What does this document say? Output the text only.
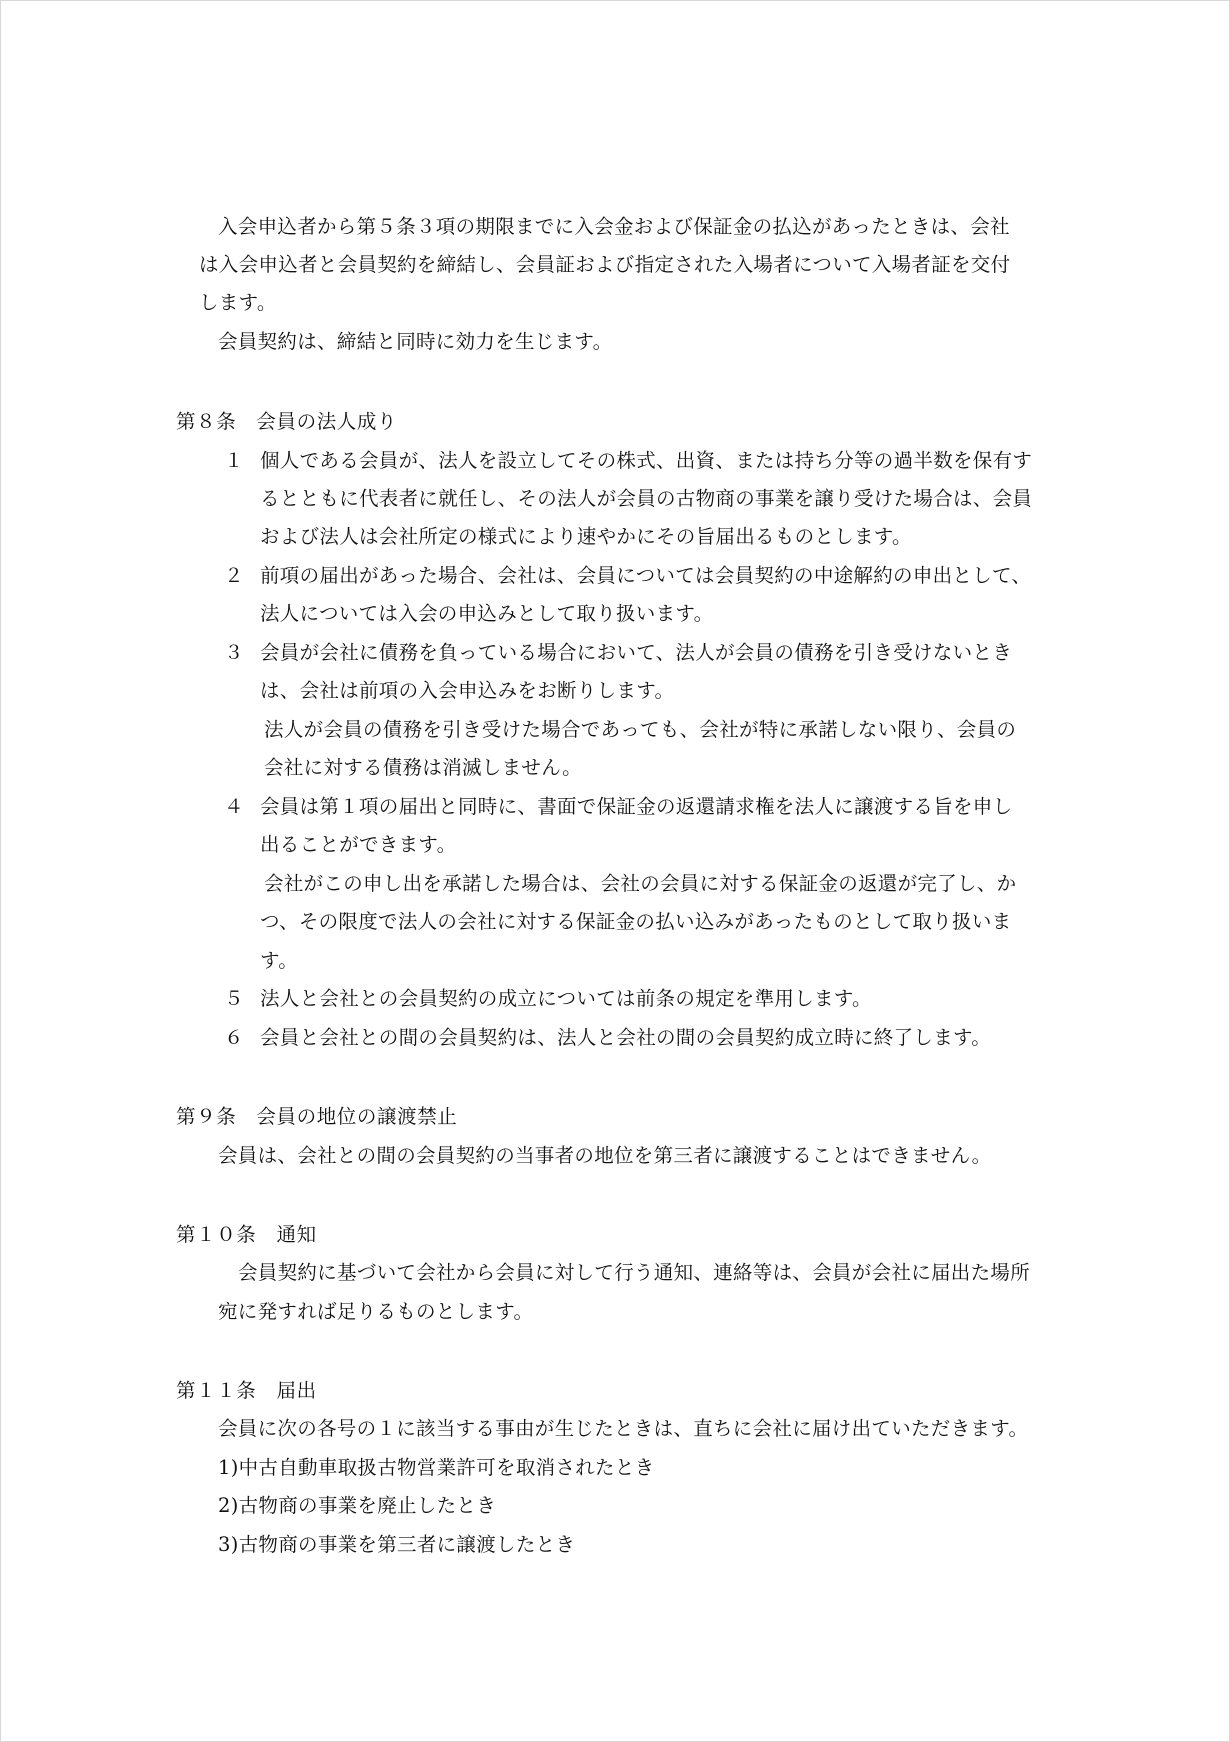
入会申込者から第５条３項の期限までに入会金および保証金の払込があったときは、会社
は入会申込者と会員契約を締結し、会員証および指定された入場者について入場者証を交付
します。
会員契約は、締結と同時に効力を生じます。
第８条　会員の法人成り
１ 個人である会員が、法人を設立してその株式、出資、または持ち分等の過半数を保有す
るとともに代表者に就任し、その法人が会員の古物商の事業を譲り受けた場合は、会員
および法人は会社所定の様式により速やかにその旨届出るものとします。
２ 前項の届出があった場合、会社は、会員については会員契約の中途解約の申出として、
法人については入会の申込みとして取り扱います。
３ 会員が会社に債務を負っている場合において、法人が会員の債務を引き受けないとき
は、会社は前項の入会申込みをお断りします。
法人が会員の債務を引き受けた場合であっても、会社が特に承諾しない限り、会員の
会社に対する債務は消滅しません。
４ 会員は第１項の届出と同時に、書面で保証金の返還請求権を法人に譲渡する旨を申し
出ることができます。
会社がこの申し出を承諾した場合は、会社の会員に対する保証金の返還が完了し、か
つ、その限度で法人の会社に対する保証金の払い込みがあったものとして取り扱いま
す。
５ 法人と会社との会員契約の成立については前条の規定を準用します。
６ 会員と会社との間の会員契約は、法人と会社の間の会員契約成立時に終了します。
第９条　会員の地位の譲渡禁止
会員は、会社との間の会員契約の当事者の地位を第三者に譲渡することはできません。
第１０条　通知
会員契約に基づいて会社から会員に対して行う通知、連絡等は、会員が会社に届出た場所
宛に発すれば足りるものとします。
第１１条　届出
会員に次の各号の１に該当する事由が生じたときは、直ちに会社に届け出ていただきます。
1)中古自動車取扱古物営業許可を取消されたとき
2)古物商の事業を廃止したとき
3)古物商の事業を第三者に譲渡したとき
